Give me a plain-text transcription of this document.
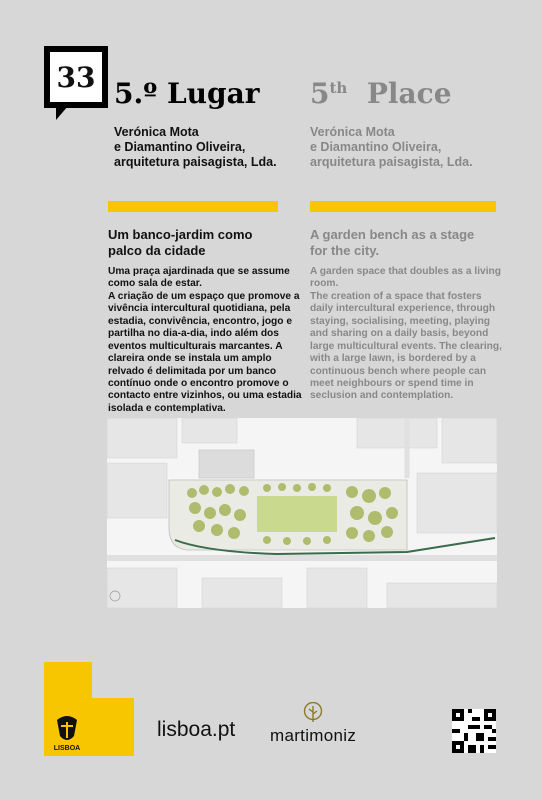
33 5.º Lugar 5th Place
Verónica Mota
e Diamantino Oliveira,
arquitetura paisagista, Lda.
Verónica Mota
e Diamantino Oliveira,
arquitetura paisagista, Lda.
Um banco-jardim como palco da cidade
A garden bench as a stage for the city.
Uma praça ajardinada que se assume como sala de estar.
A criação de um espaço que promove a vivência intercultural quotidiana, pela estadia, convivência, encontro, jogo e partilha no dia-a-dia, indo além dos eventos multiculturais marcantes. A clareira onde se instala um amplo relvado é delimitada por um banco contínuo onde o encontro promove o contacto entre vizinhos, ou uma estadia isolada e contemplativa.
A garden space that doubles as a living room.
The creation of a space that fosters daily intercultural experience, through staying, socialising, meeting, playing and sharing on a daily basis, beyond large multicultural events. The clearing, with a large lawn, is bordered by a continuous bench where people can meet neighbours or spend time in seclusion and contemplation.
LISBOA
lisboa.pt martimoniz
